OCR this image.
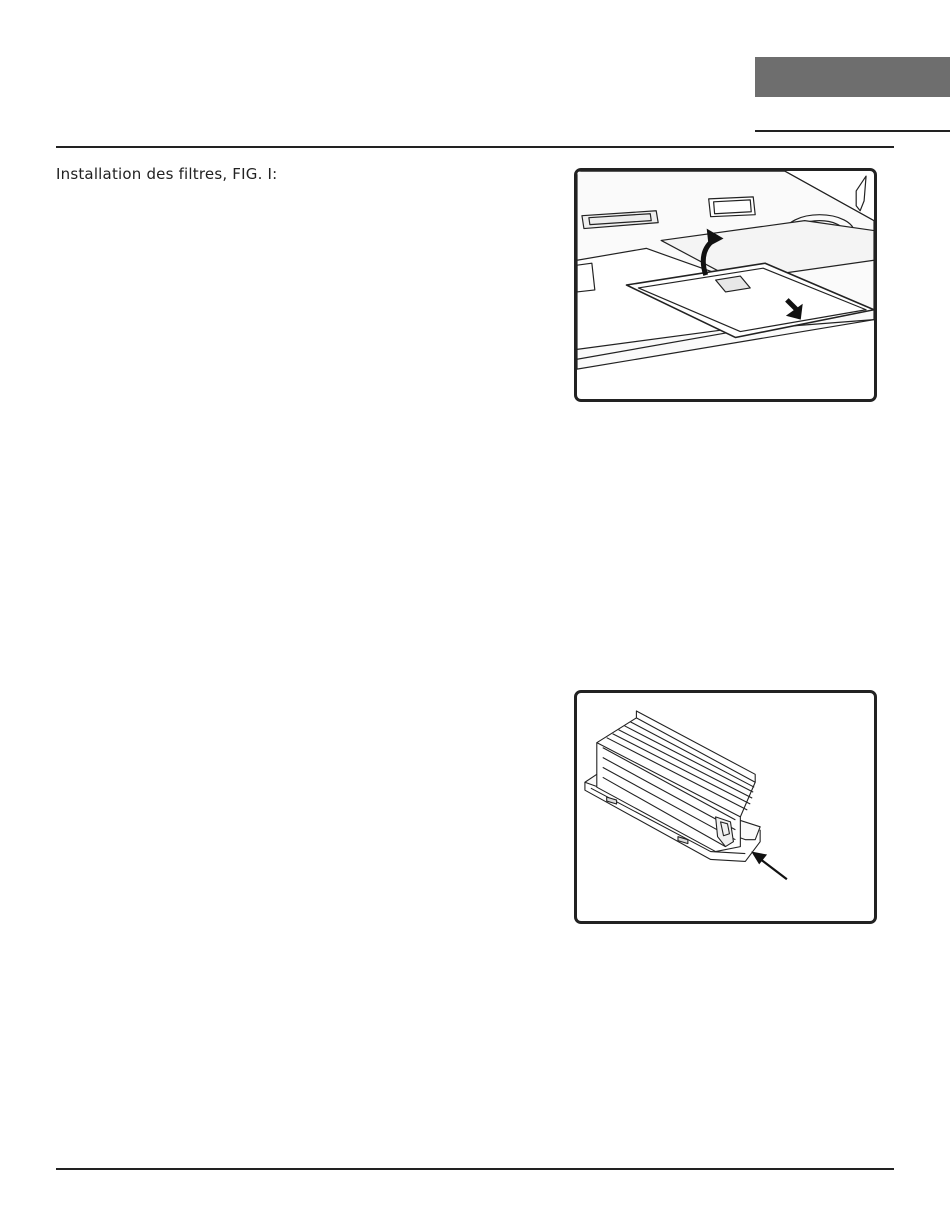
Installation des filtres, FIG. I:
